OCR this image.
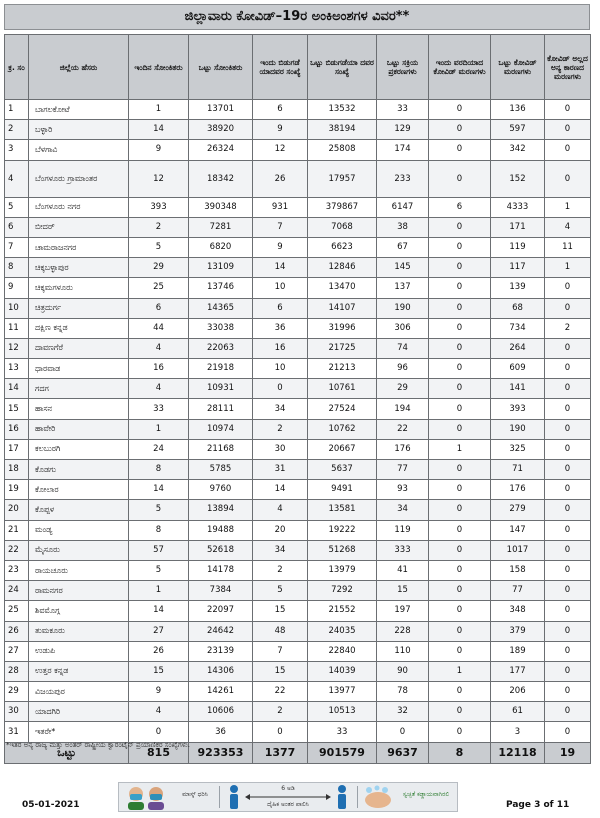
ಜಿಲ್ಲಾವಾರು ಕೋವಿಡ್–19ರ ಅಂಕಿಅಂಶಗಳ ವಿವರ**
ಕ್ರ. ಸಂ	ಜಿಲ್ಲೆಯ ಹೆಸರು	ಇಂದಿನ ಸೋಂಕಿತರು	ಒಟ್ಟು ಸೋಂಕಿತರು	ಇಂದು ಬಿಡುಗಡೆ ಯಾದವರ ಸಂಖ್ಯೆ	ಒಟ್ಟು ಬಿಡುಗಡೆಯಾ ದವರ ಸಂಖ್ಯೆ	ಒಟ್ಟು ಸಕ್ರಿಯ ಪ್ರಕರಣಗಳು	ಇಂದು ವರದಿಯಾದ ಕೋವಿಡ್ ಮರಣಗಳು	ಒಟ್ಟು ಕೋವಿಡ್ ಮರಣಗಳು	ಕೋವಿಡ್ ಅಲ್ಲದ ಅನ್ಯ ಕಾರಣದ ಮರಣಗಳು
1	ಬಾಗಲಕೋಟೆ	1	13701	6	13532	33	0	136	0
2	ಬಳ್ಳಾರಿ	14	38920	9	38194	129	0	597	0
3	ಬೆಳಗಾವಿ	9	26324	12	25808	174	0	342	0
4	ಬೆಂಗಳೂರು ಗ್ರಾಮಾಂತರ	12	18342	26	17957	233	0	152	0
5	ಬೆಂಗಳೂರು ನಗರ	393	390348	931	379867	6147	6	4333	1
6	ಬೀದರ್	2	7281	7	7068	38	0	171	4
7	ಚಾಮರಾಜನಗರ	5	6820	9	6623	67	0	119	11
8	ಚಿಕ್ಕಬಳ್ಳಾಪುರ	29	13109	14	12846	145	0	117	1
9	ಚಿಕ್ಕಮಗಳೂರು	25	13746	10	13470	137	0	139	0
10	ಚಿತ್ರದುರ್ಗ	6	14365	6	14107	190	0	68	0
11	ದಕ್ಷಿಣ ಕನ್ನಡ	44	33038	36	31996	306	0	734	2
12	ದಾವಣಗೆರೆ	4	22063	16	21725	74	0	264	0
13	ಧಾರವಾಡ	16	21918	10	21213	96	0	609	0
14	ಗದಗ	4	10931	0	10761	29	0	141	0
15	ಹಾಸನ	33	28111	34	27524	194	0	393	0
16	ಹಾವೇರಿ	1	10974	2	10762	22	0	190	0
17	ಕಲಬುರಗಿ	24	21168	30	20667	176	1	325	0
18	ಕೊಡಗು	8	5785	31	5637	77	0	71	0
19	ಕೋಲಾರ	14	9760	14	9491	93	0	176	0
20	ಕೊಪ್ಪಳ	5	13894	4	13581	34	0	279	0
21	ಮಂಡ್ಯ	8	19488	20	19222	119	0	147	0
22	ಮೈಸೂರು	57	52618	34	51268	333	0	1017	0
23	ರಾಯಚೂರು	5	14178	2	13979	41	0	158	0
24	ರಾಮನಗರ	1	7384	5	7292	15	0	77	0
25	ಶಿವಮೊಗ್ಗ	14	22097	15	21552	197	0	348	0
26	ತುಮಕೂರು	27	24642	48	24035	228	0	379	0
27	ಉಡುಪಿ	26	23139	7	22840	110	0	189	0
28	ಉತ್ತರ ಕನ್ನಡ	15	14306	15	14039	90	1	177	0
29	ವಿಜಯಪುರ	9	14261	22	13977	78	0	206	0
30	ಯಾದಗಿರಿ	4	10606	2	10513	32	0	61	0
31	ಇತರೇ*	0	36	0	33	0	0	3	0
ಒಟ್ಟು		815	923353	1377	901579	9637	8	12118	19
*ಇತರ ಅನ್ಯ ರಾಜ್ಯ ಮತ್ತು ಅಂತರ್ ರಾಷ್ಟ್ರೀಯ ಕ್ವಾರಂಟೈನ್ ಪ್ರಯಾಣಿಕರ ಸಂಖ್ಯೆಗಳು.
05-01-2021
ಮಾಸ್ಕ್ ಧರಿಸಿ
6 ಅಡಿ
ದೈಹಿಕ ಅಂತರ ಪಾಲಿಸಿ
ಸ್ವಚ್ಛತೆ ಕಡ್ಡಾಯವಾಗಿರಲಿ
Page 3 of 11
